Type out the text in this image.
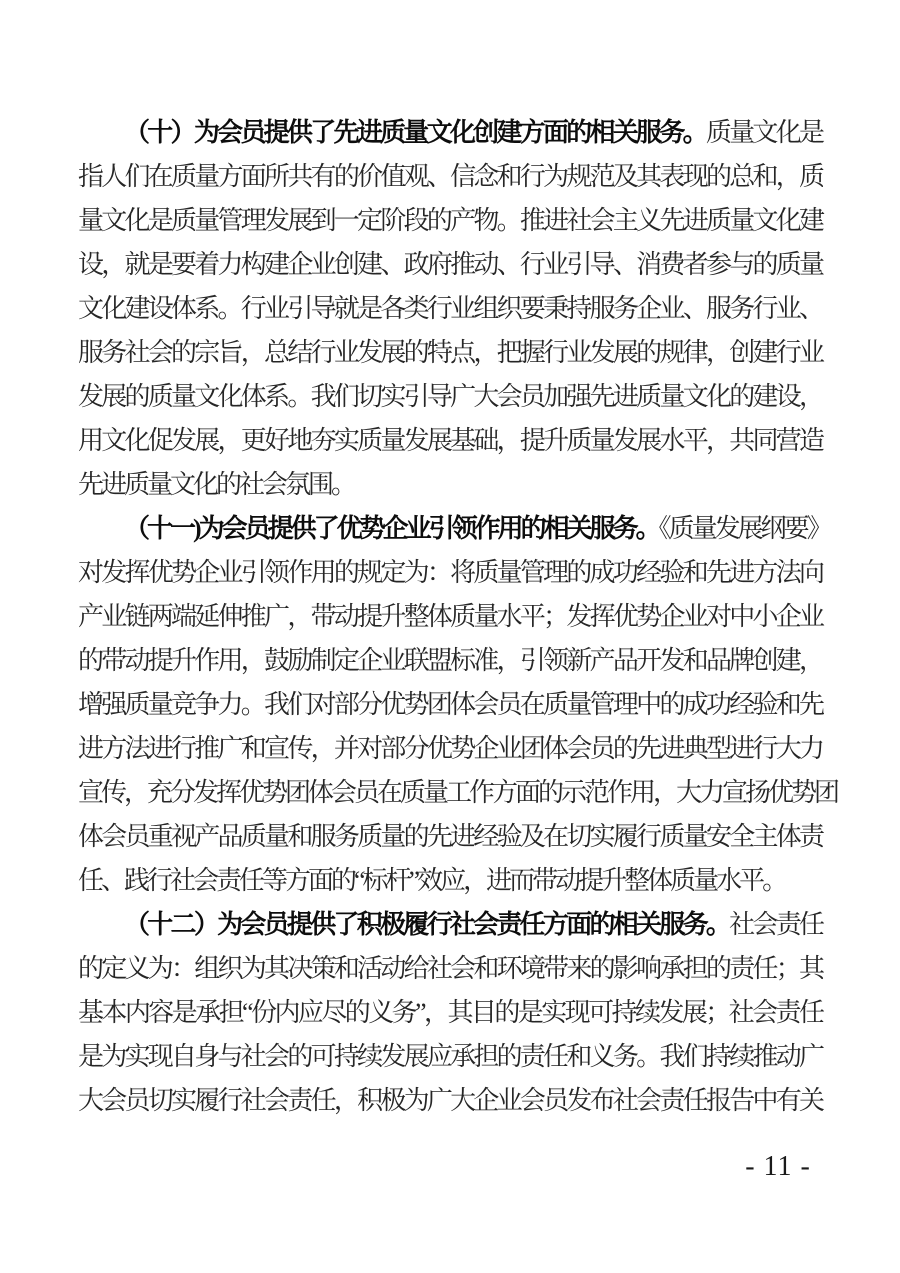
（十）为会员提供了先进质量文化创建方面的相关服务。质量文化是
指人们在质量方面所共有的价值观、信念和行为规范及其表现的总和，质
量文化是质量管理发展到一定阶段的产物。推进社会主义先进质量文化建
设，就是要着力构建企业创建、政府推动、行业引导、消费者参与的质量
文化建设体系。行业引导就是各类行业组织要秉持服务企业、服务行业、
服务社会的宗旨，总结行业发展的特点，把握行业发展的规律，创建行业
发展的质量文化体系。我们切实引导广大会员加强先进质量文化的建设，
用文化促发展，更好地夯实质量发展基础，提升质量发展水平，共同营造
先进质量文化的社会氛围。
（十一)为会员提供了优势企业引领作用的相关服务。《质量发展纲要》
对发挥优势企业引领作用的规定为：将质量管理的成功经验和先进方法向
产业链两端延伸推广，带动提升整体质量水平；发挥优势企业对中小企业
的带动提升作用，鼓励制定企业联盟标准，引领新产品开发和品牌创建，
增强质量竞争力。我们对部分优势团体会员在质量管理中的成功经验和先
进方法进行推广和宣传，并对部分优势企业团体会员的先进典型进行大力
宣传，充分发挥优势团体会员在质量工作方面的示范作用，大力宣扬优势团
体会员重视产品质量和服务质量的先进经验及在切实履行质量安全主体责
任、践行社会责任等方面的“标杆”效应，进而带动提升整体质量水平。
（十二）为会员提供了积极履行社会责任方面的相关服务。社会责任
的定义为：组织为其决策和活动给社会和环境带来的影响承担的责任；其
基本内容是承担“份内应尽的义务”，其目的是实现可持续发展；社会责任
是为实现自身与社会的可持续发展应承担的责任和义务。我们持续推动广
大会员切实履行社会责任，积极为广大企业会员发布社会责任报告中有关
- 11 -
